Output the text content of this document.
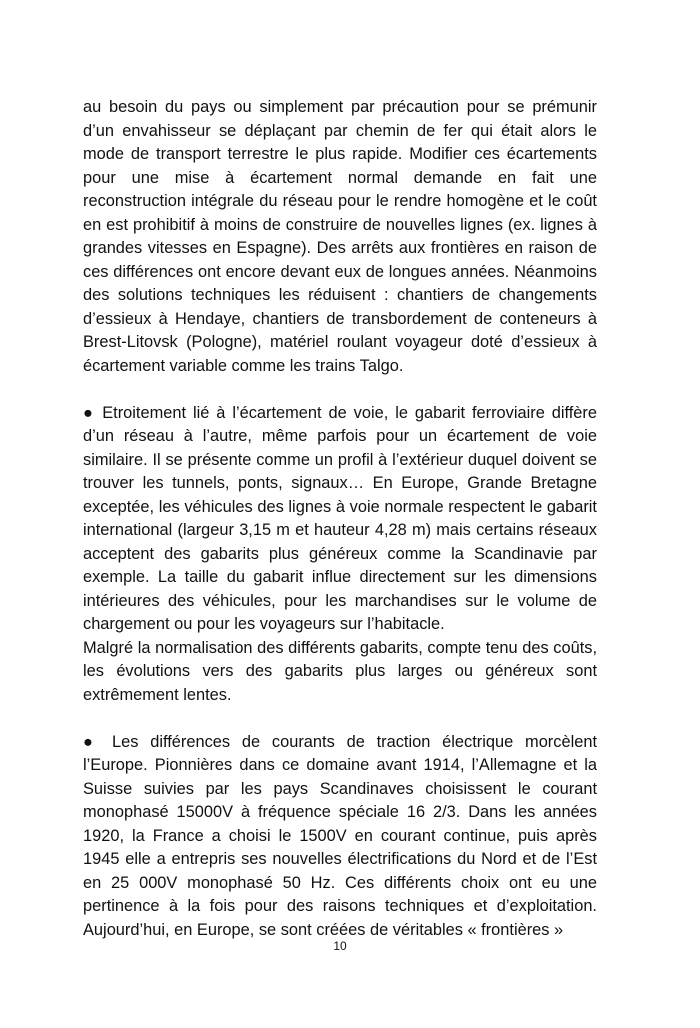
au besoin du pays ou simplement par précaution pour se prémunir d’un envahisseur se déplaçant par chemin de fer qui était alors le mode de transport terrestre le plus rapide. Modifier ces écartements pour une mise à écartement normal demande en fait une reconstruction intégrale du réseau pour le rendre homogène et le coût en est prohibitif à moins de construire de nouvelles lignes (ex. lignes à grandes vitesses en Espagne). Des arrêts aux frontières en raison de ces différences ont encore devant eux de longues années. Néanmoins des solutions techniques les réduisent : chantiers de changements d’essieux à Hendaye, chantiers de transbordement de conteneurs à Brest-Litovsk (Pologne), matériel roulant voyageur doté d’essieux à écartement variable comme les trains Talgo.

● Etroitement lié à l’écartement de voie, le gabarit ferroviaire diffère d’un réseau à l’autre, même parfois pour un écartement de voie similaire. Il se présente comme un profil à l’extérieur duquel doivent se trouver les tunnels, ponts, signaux… En Europe, Grande Bretagne exceptée, les véhicules des lignes à voie normale respectent le gabarit international (largeur 3,15 m et hauteur 4,28 m) mais certains réseaux acceptent des gabarits plus généreux comme la Scandinavie par exemple. La taille du gabarit influe directement sur les dimensions intérieures des véhicules, pour les marchandises sur le volume de chargement ou pour les voyageurs sur l’habitacle.

Malgré la normalisation des différents gabarits, compte tenu des coûts, les évolutions vers des gabarits plus larges ou généreux sont extrêmement lentes.

● Les différences de courants de traction électrique morcèlent l’Europe. Pionnières dans ce domaine avant 1914, l’Allemagne et la Suisse suivies par les pays Scandinaves choisissent le courant monophasé 15000V à fréquence spéciale 16 2/3. Dans les années 1920, la France a choisi le 1500V en courant continue, puis après 1945 elle a entrepris ses nouvelles électrifications du Nord et de l’Est en 25 000V monophasé 50 Hz. Ces différents choix ont eu une pertinence à la fois pour des raisons techniques et d’exploitation. Aujourd’hui, en Europe, se sont créées de véritables « frontières »

10
